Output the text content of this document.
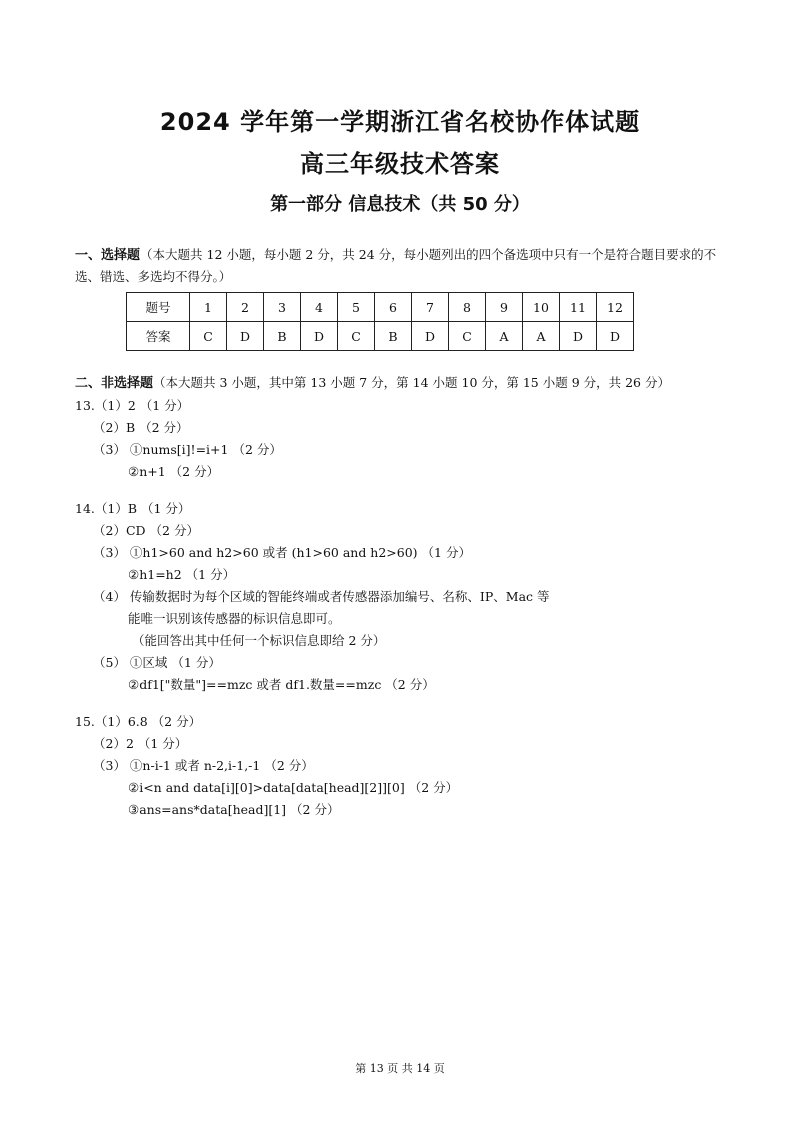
2024 学年第一学期浙江省名校协作体试题
高三年级技术答案
第一部分 信息技术（共 50 分）
一、选择题（本大题共 12 小题，每小题 2 分，共 24 分，每小题列出的四个备选项中只有一个是符合题目要求的不选、错选、多选均不得分。）
题号	1	2	3	4	5	6	7	8	9	10	11	12
答案	C	D	B	D	C	B	D	C	A	A	D	D
二、非选择题（本大题共 3 小题，其中第 13 小题 7 分，第 14 小题 10 分，第 15 小题 9 分，共 26 分）
13.（1）2 （1 分）
（2）B （2 分）
（3） ①nums[i]!=i+1 （2 分）
②n+1 （2 分）
14.（1）B （1 分）
（2）CD （2 分）
（3） ①h1>60 and h2>60 或者 (h1>60 and h2>60) （1 分）
②h1=h2 （1 分）
（4） 传输数据时为每个区域的智能终端或者传感器添加编号、名称、IP、Mac 等
能唯一识别该传感器的标识信息即可。
（能回答出其中任何一个标识信息即给 2 分）
（5） ①区域 （1 分）
②df1["数量"]==mzc 或者 df1.数量==mzc （2 分）
15.（1）6.8 （2 分）
（2）2 （1 分）
（3） ①n-i-1 或者 n-2,i-1,-1 （2 分）
②i<n and data[i][0]>data[data[head][2]][0] （2 分）
③ans=ans*data[head][1] （2 分）
第 13 页 共 14 页
